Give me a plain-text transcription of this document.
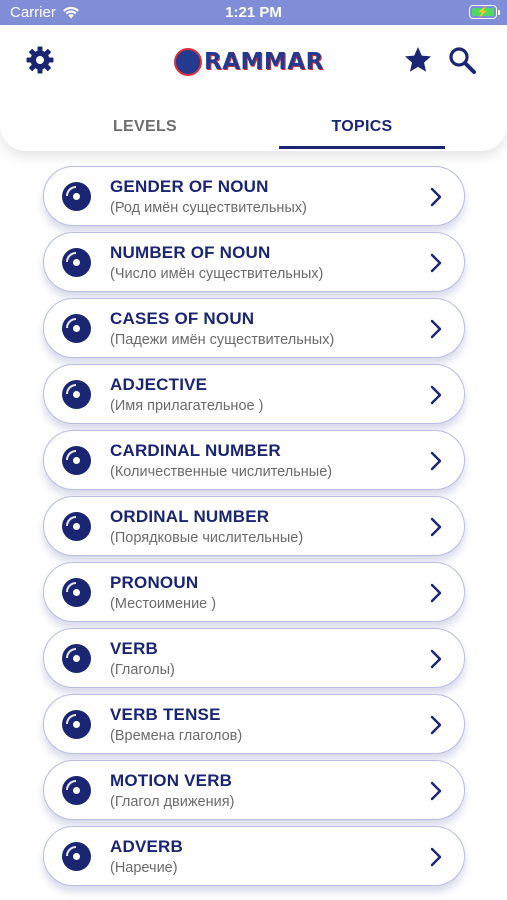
Carrier	1:21 PM	⚡
RAMMAR
LEVELS	TOPICS
GENDER OF NOUN
(Род имён существительных)
NUMBER OF NOUN
(Число имён существительных)
CASES OF NOUN
(Падежи имён существительных)
ADJECTIVE
(Имя прилагательное )
CARDINAL NUMBER
(Количественные числительные)
ORDINAL NUMBER
(Порядковые числительные)
PRONOUN
(Местоимение )
VERB
(Глаголы)
VERB TENSE
(Времена глаголов)
MOTION VERB
(Глагол движения)
ADVERB
(Наречие)
